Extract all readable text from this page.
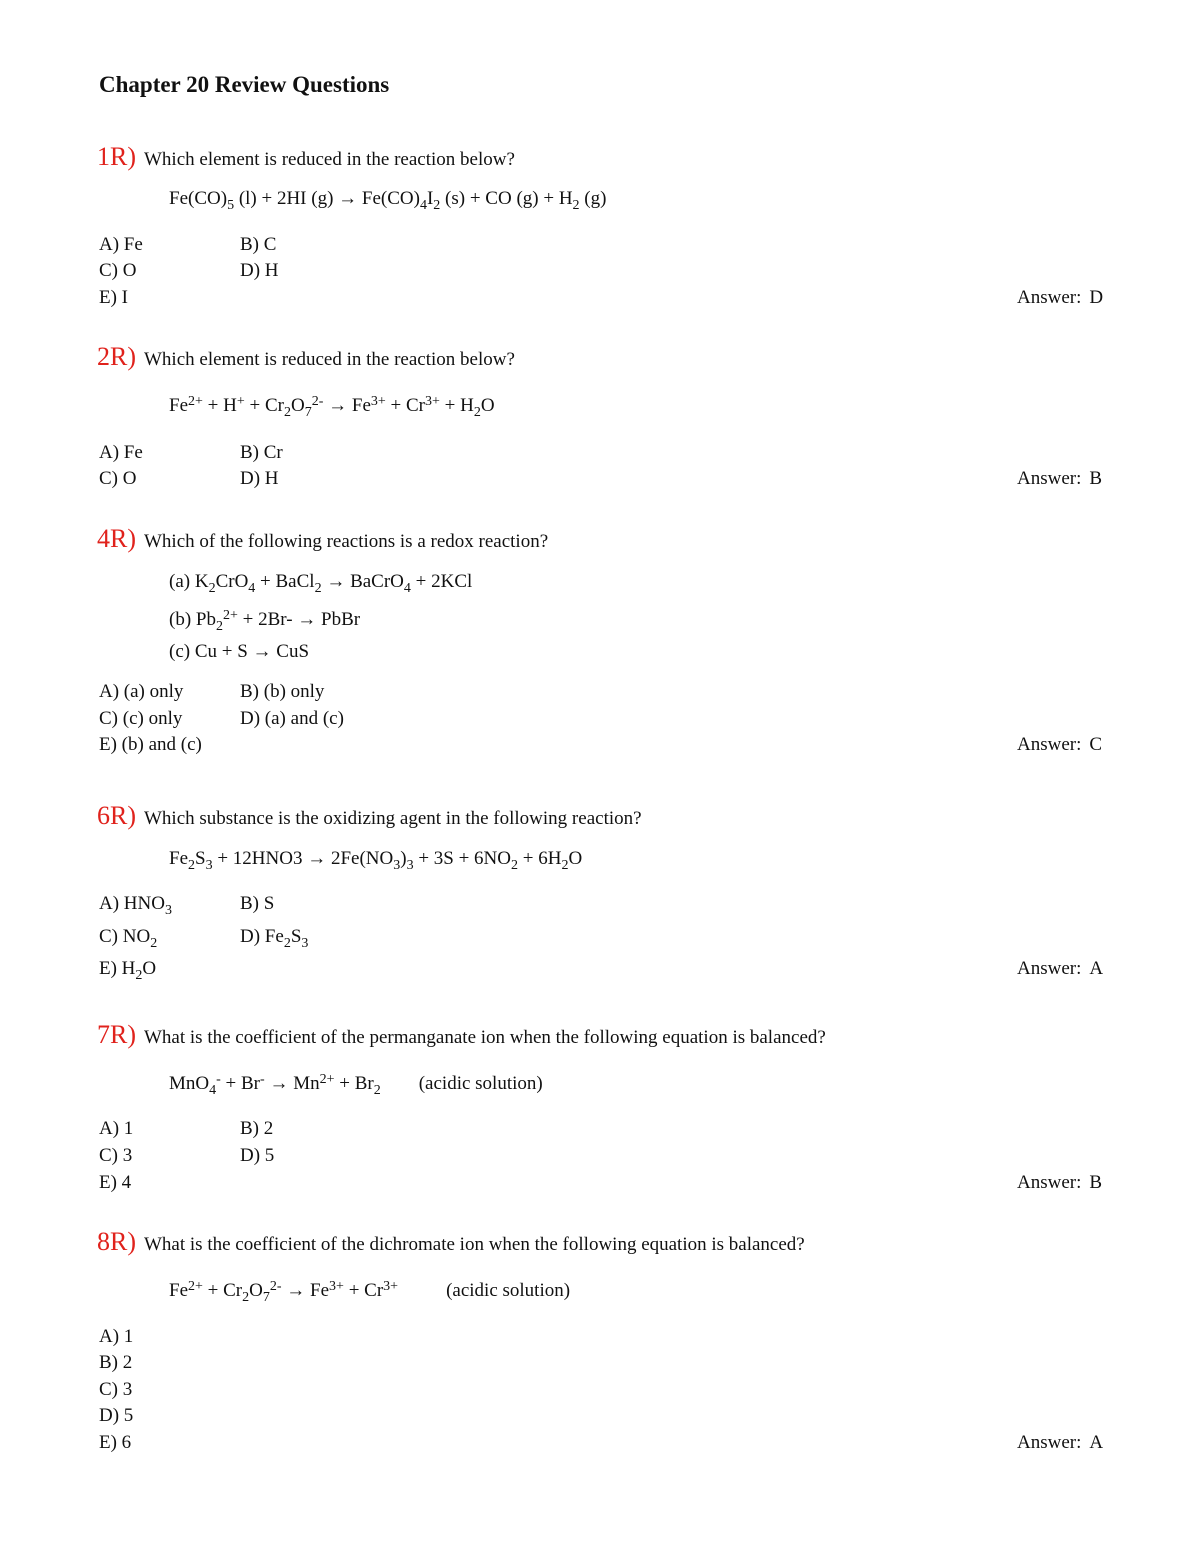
Chapter 20 Review Questions
1R) Which element is reduced in the reaction below?
$Fe(CO)_5$ (l) + 2HI $(g) \to Fe(CO)_4I_2$ (s) + CO $(g) + H_2$ (g)
A) Fe	B) C
C) O	D) H
E) I	Answer: D
2R) Which element is reduced in the reaction below?
$Fe^{2+} + H^+ + Cr_2O_7^{2-} \to Fe^{3+} + Cr^{3+} + H_2O$
A) Fe	B) Cr
C) O	D) H	Answer: B
4R) Which of the following reactions is a redox reaction?
(a) $K_2CrO_4$ + BaCl$_2$ → BaCrO$_4$ + 2KCl
(b) $Pb_2^{2+} + 2Br-$ → PbBr
(c) Cu + S → CuS
A) (a) only	B) (b) only
C) (c) only	D) (a) and (c)
E) (b) and (c)	Answer: C
6R) Which substance is the oxidizing agent in the following reaction?
$Fe_2S_3 + 12HNO3 \to 2Fe(NO_3)_3 + 3S + 6NO_2 + 6H_2O$
A) $HNO_3$	B) S
C) $NO_2$	D) $Fe_2S_3$
E) $H_2O$	Answer: A
7R) What is the coefficient of the permanganate ion when the following equation is balanced?
$MnO_4^- + Br^- \to Mn^{2+} + Br_2$ (acidic solution)
A) 1	B) 2
C) 3	D) 5
E) 4	Answer: B
8R) What is the coefficient of the dichromate ion when the following equation is balanced?
$Fe^{2+} + Cr_2O_7^{2-} \to Fe^{3+} + Cr^{3+}$	(acidic solution)
A) 1
B) 2
C) 3
D) 5
E) 6	Answer: A
